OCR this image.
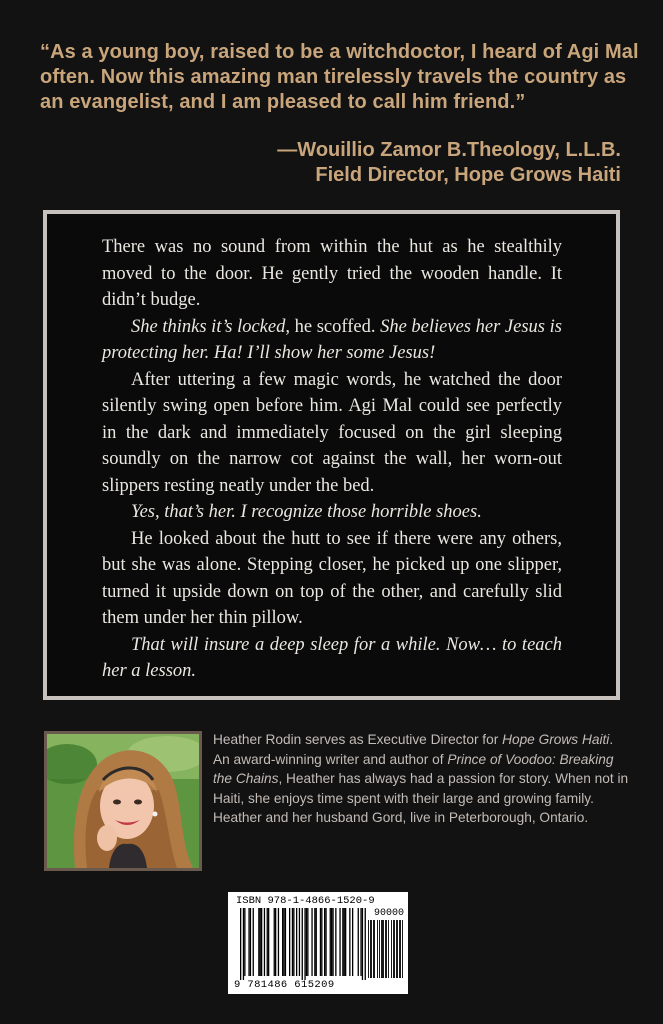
“As a young boy, raised to be a witchdoctor, I heard of Agi Mal often. Now this amazing man tirelessly travels the country as an evangelist, and I am pleased to call him friend.”
—Wouillio Zamor B.Theology, L.L.B.
Field Director, Hope Grows Haiti

There was no sound from within the hut as he stealthily moved to the door. He gently tried the wooden handle. It didn’t budge.

She thinks it’s locked, he scoffed. She believes her Jesus is protecting her. Ha! I’ll show her some Jesus!

After uttering a few magic words, he watched the door silently swing open before him. Agi Mal could see perfectly in the dark and immediately focused on the girl sleeping soundly on the narrow cot against the wall, her worn-out slippers resting neatly under the bed.

Yes, that’s her. I recognize those horrible shoes.

He looked about the hutt to see if there were any others, but she was alone. Stepping closer, he picked up one slipper, turned it upside down on top of the other, and carefully slid them under her thin pillow.

That will insure a deep sleep for a while. Now… to teach her a lesson.

Heather Rodin serves as Executive Director for Hope Grows Haiti. An award-winning writer and author of Prince of Voodoo: Breaking the Chains, Heather has always had a passion for story. When not in Haiti, she enjoys time spent with their large and growing family. Heather and her husband Gord, live in Peterborough, Ontario.
ISBN 978-1-4866-1520-9
90000
9 781486 615209
